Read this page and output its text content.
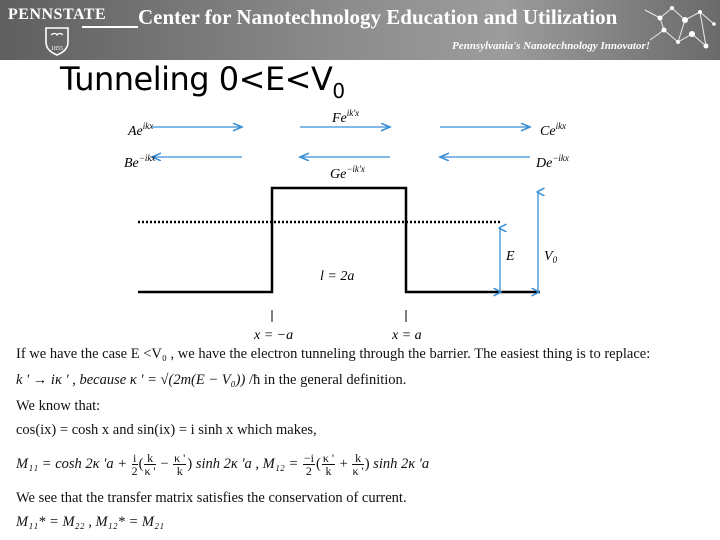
PENNSTATE
1855
Center for Nanotechnology Education and Utilization
Pennsylvania's Nanotechnology Innovator!
Tunneling $0<E<V_0$
$Ae^{ikx}$
$Be^{-ikx}$
$Fe^{ik'x}$
$Ge^{-ik'x}$
$Ce^{ikx}$
$De^{-ikx}$
E $V_0$
l = 2a
x = −a	x = a
If we have the case E <V₀ , we have the electron tunneling through the barrier. The easiest thing is to replace:
k ' → iκ ' , because κ ' = √(2m(E − V₀)) /ħ in the general definition.
We know that:
cos(ix) = cosh x and sin(ix) = i sinh x which makes,
M₁₁ = cosh 2κ '$a + \frac{i}{2}$ ( $\frac{k}{\kappa '} - \frac{\kappa '}{k}$ ) sinh 2κ 'a , $M_{12} = \frac{-i}{2}$ ( $\frac{\kappa '}{k} + \frac{k}{\kappa '}$ ) sinh 2κ 'a
We see that the transfer matrix satisfies the conservation of current.
M₁₁* = M₂₂ , M₁₂* = M₂₁
